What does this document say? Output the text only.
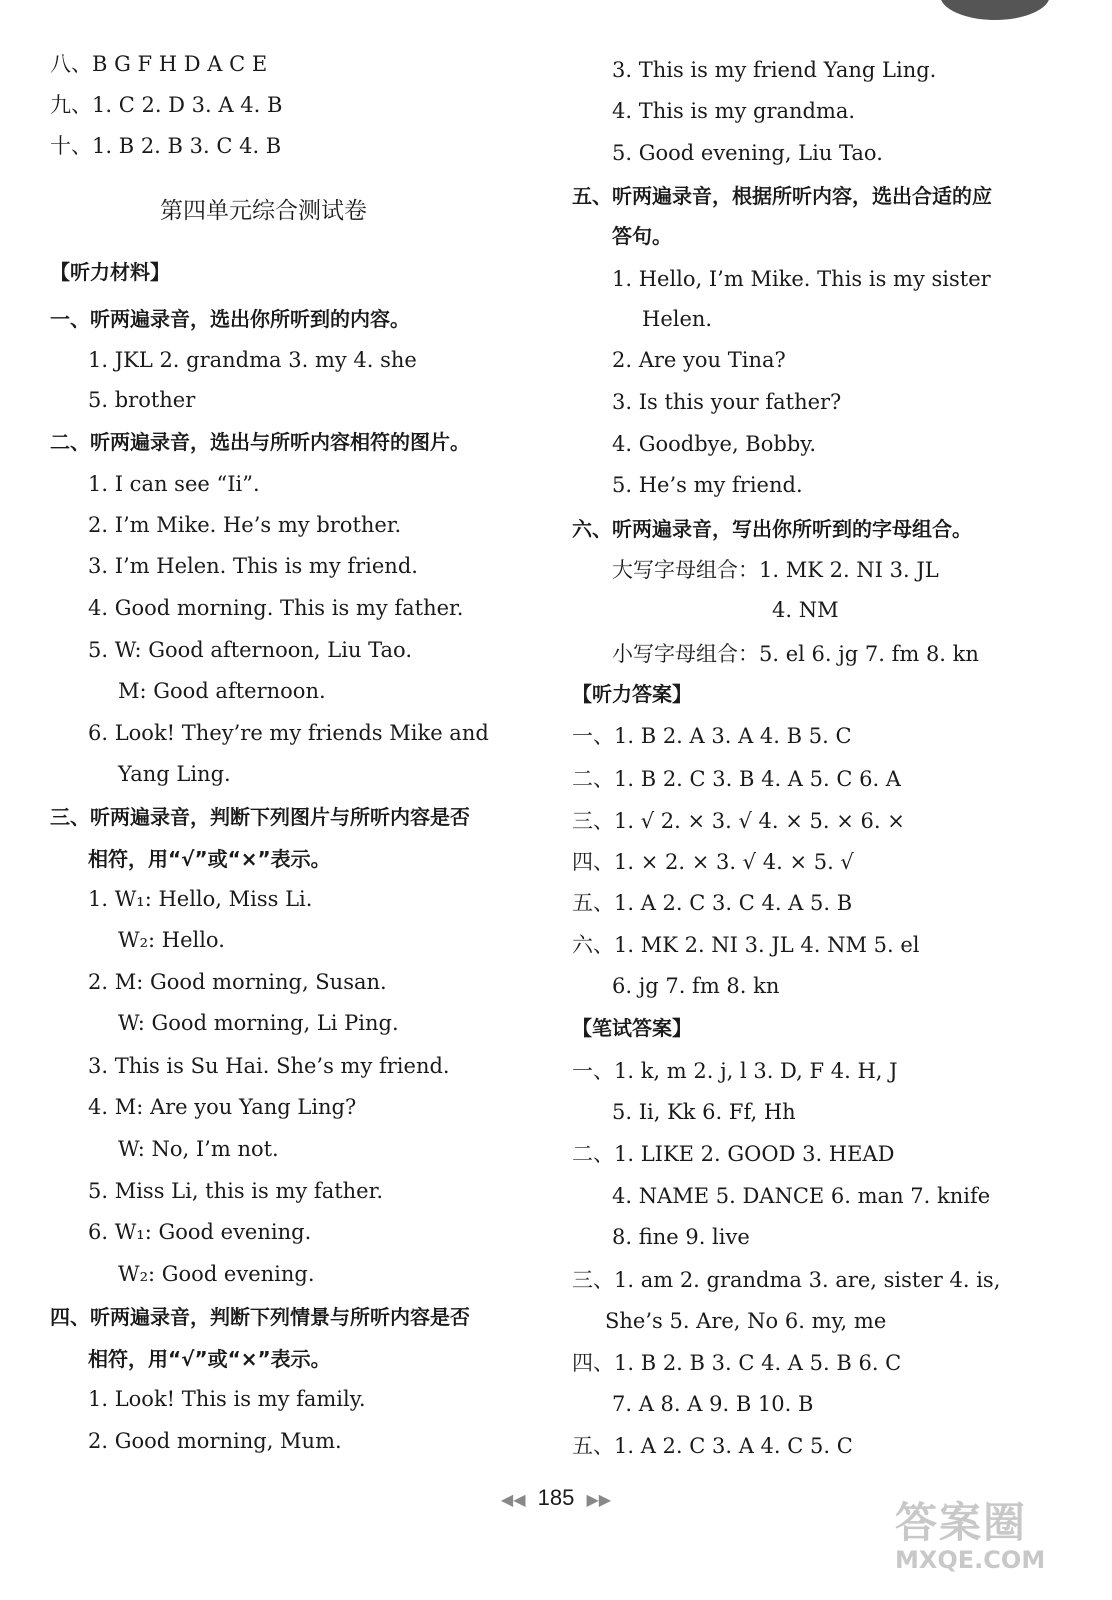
八、B G F H D A C E
九、1. C 2. D 3. A 4. B
十、1. B 2. B 3. C 4. B
第四单元综合测试卷
【听力材料】
一、听两遍录音，选出你所听到的内容。
1. JKL 2. grandma 3. my 4. she
5. brother
二、听两遍录音，选出与所听内容相符的图片。
1. I can see “Ii”.
2. I’m Mike. He’s my brother.
3. I’m Helen. This is my friend.
4. Good morning. This is my father.
5. W: Good afternoon, Liu Tao.
M: Good afternoon.
6. Look! They’re my friends Mike and
Yang Ling.
三、听两遍录音，判断下列图片与所听内容是否
相符，用“√”或“×”表示。
1. W₁: Hello, Miss Li.
W₂: Hello.
2. M: Good morning, Susan.
W: Good morning, Li Ping.
3. This is Su Hai. She’s my friend.
4. M: Are you Yang Ling?
W: No, I’m not.
5. Miss Li, this is my father.
6. W₁: Good evening.
W₂: Good evening.
四、听两遍录音，判断下列情景与所听内容是否
相符，用“√”或“×”表示。
1. Look! This is my family.
2. Good morning, Mum.
3. This is my friend Yang Ling.
4. This is my grandma.
5. Good evening, Liu Tao.
五、听两遍录音，根据所听内容，选出合适的应
答句。
1. Hello, I’m Mike. This is my sister
Helen.
2. Are you Tina?
3. Is this your father?
4. Goodbye, Bobby.
5. He’s my friend.
六、听两遍录音，写出你所听到的字母组合。
大写字母组合：1. MK 2. NI 3. JL
4. NM
小写字母组合：5. el 6. jg 7. fm 8. kn
【听力答案】
一、1. B 2. A 3. A 4. B 5. C
二、1. B 2. C 3. B 4. A 5. C 6. A
三、1. √ 2. × 3. √ 4. × 5. × 6. ×
四、1. × 2. × 3. √ 4. × 5. √
五、1. A 2. C 3. C 4. A 5. B
六、1. MK 2. NI 3. JL 4. NM 5. el
6. jg 7. fm 8. kn
【笔试答案】
一、1. k, m 2. j, l 3. D, F 4. H, J
5. Ii, Kk 6. Ff, Hh
二、1. LIKE 2. GOOD 3. HEAD
4. NAME 5. DANCE 6. man 7. knife
8. fine 9. live
三、1. am 2. grandma 3. are, sister 4. is,
She’s 5. Are, No 6. my, me
四、1. B 2. B 3. C 4. A 5. B 6. C
7. A 8. A 9. B 10. B
五、1. A 2. C 3. A 4. C 5. C
◀◀ 185 ▶▶	答案圈
MXQE.COM
